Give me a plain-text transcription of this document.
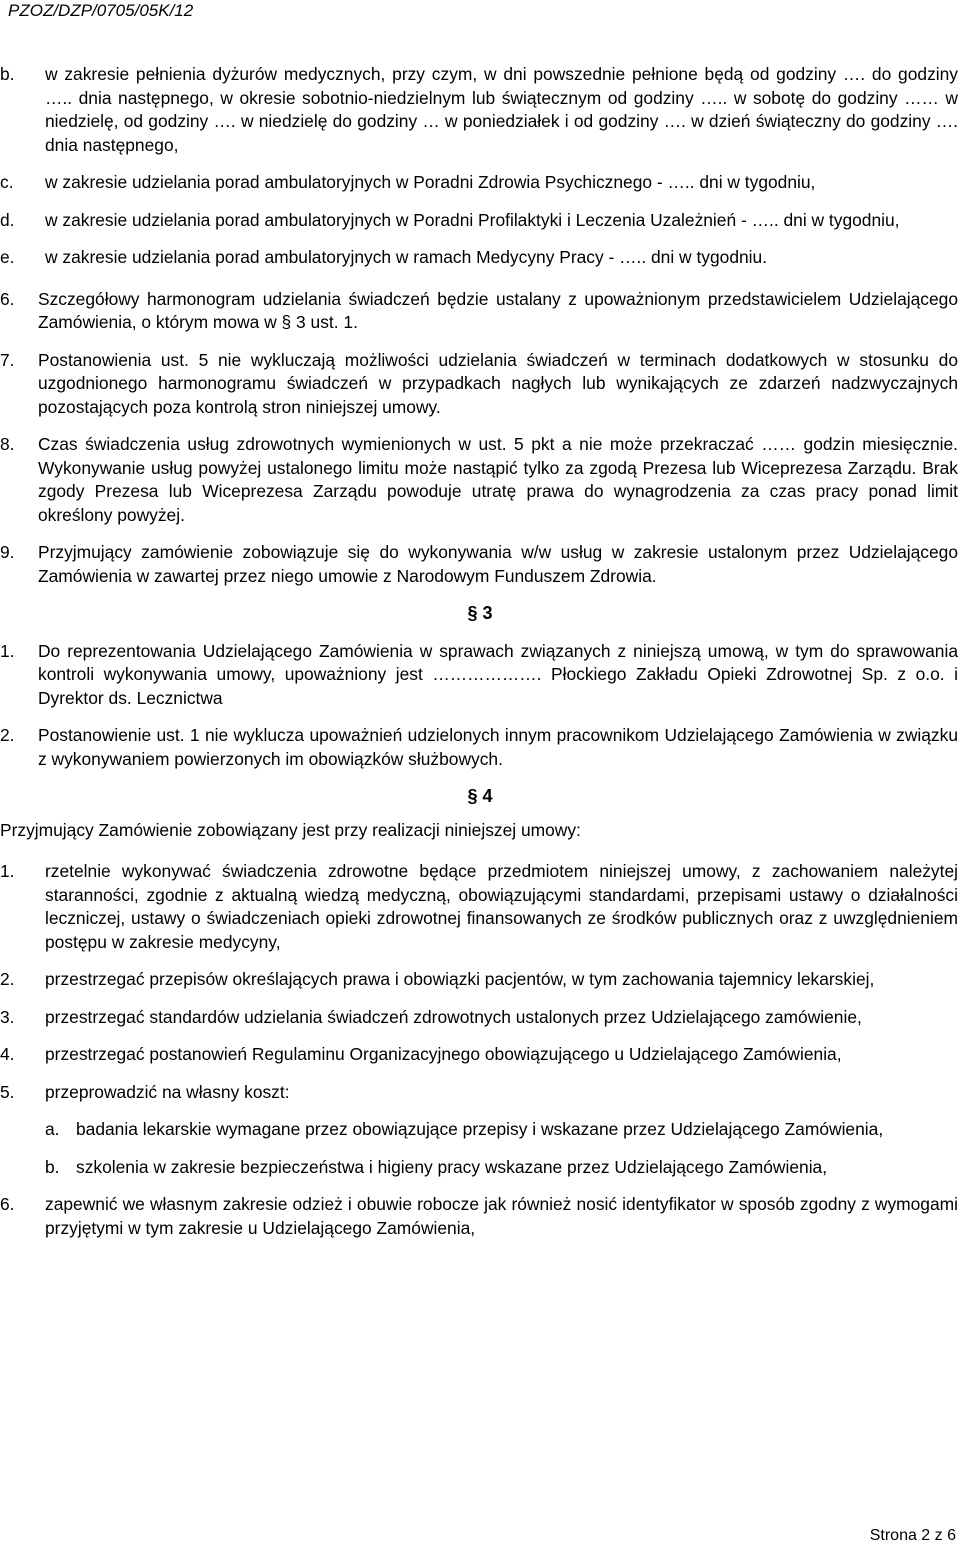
PZOZ/DZP/0705/05K/12
b. w zakresie pełnienia dyżurów medycznych, przy czym, w dni powszednie pełnione będą od godziny …. do godziny ….. dnia następnego, w okresie sobotnio-niedzielnym lub świątecznym od godziny ….. w sobotę do godziny …… w niedzielę, od godziny …. w niedzielę do godziny … w poniedziałek i od godziny …. w dzień świąteczny do godziny …. dnia następnego,
c. w zakresie udzielania porad ambulatoryjnych w Poradni Zdrowia Psychicznego - ….. dni w tygodniu,
d. w zakresie udzielania porad ambulatoryjnych w Poradni Profilaktyki i Leczenia Uzależnień - ….. dni w tygodniu,
e. w zakresie udzielania porad ambulatoryjnych w ramach Medycyny Pracy - ….. dni w tygodniu.
6. Szczegółowy harmonogram udzielania świadczeń będzie ustalany z upoważnionym przedstawicielem Udzielającego Zamówienia, o którym mowa w § 3 ust. 1.
7. Postanowienia ust. 5 nie wykluczają możliwości udzielania świadczeń w terminach dodatkowych w stosunku do uzgodnionego harmonogramu świadczeń w przypadkach nagłych lub wynikających ze zdarzeń nadzwyczajnych pozostających poza kontrolą stron niniejszej umowy.
8. Czas świadczenia usług zdrowotnych wymienionych w ust. 5 pkt a nie może przekraczać …… godzin miesięcznie. Wykonywanie usług powyżej ustalonego limitu może nastąpić tylko za zgodą Prezesa lub Wiceprezesa Zarządu. Brak zgody Prezesa lub Wiceprezesa Zarządu powoduje utratę prawa do wynagrodzenia za czas pracy ponad limit określony powyżej.
9. Przyjmujący zamówienie zobowiązuje się do wykonywania w/w usług w zakresie ustalonym przez Udzielającego Zamówienia w zawartej przez niego umowie z Narodowym Funduszem Zdrowia.
§ 3
1. Do reprezentowania Udzielającego Zamówienia w sprawach związanych z niniejszą umową, w tym do sprawowania kontroli wykonywania umowy, upoważniony jest ………………. Płockiego Zakładu Opieki Zdrowotnej Sp. z o.o. i Dyrektor ds. Lecznictwa
2. Postanowienie ust. 1 nie wyklucza upoważnień udzielonych innym pracownikom Udzielającego Zamówienia w związku z wykonywaniem powierzonych im obowiązków służbowych.
§ 4
Przyjmujący Zamówienie zobowiązany jest przy realizacji niniejszej umowy:
1. rzetelnie wykonywać świadczenia zdrowotne będące przedmiotem niniejszej umowy, z zachowaniem należytej staranności, zgodnie z aktualną wiedzą medyczną, obowiązującymi standardami, przepisami ustawy o działalności leczniczej, ustawy o świadczeniach opieki zdrowotnej finansowanych ze środków publicznych oraz z uwzględnieniem postępu w zakresie medycyny,
2. przestrzegać przepisów określających prawa i obowiązki pacjentów, w tym zachowania tajemnicy lekarskiej,
3. przestrzegać standardów udzielania świadczeń zdrowotnych ustalonych przez Udzielającego zamówienie,
4. przestrzegać postanowień Regulaminu Organizacyjnego obowiązującego u Udzielającego Zamówienia,
5. przeprowadzić na własny koszt:
a. badania lekarskie wymagane przez obowiązujące przepisy i wskazane przez Udzielającego Zamówienia,
b. szkolenia w zakresie bezpieczeństwa i higieny pracy wskazane przez Udzielającego Zamówienia,
6. zapewnić we własnym zakresie odzież i obuwie robocze jak również nosić identyfikator w sposób zgodny z wymogami przyjętymi w tym zakresie u Udzielającego Zamówienia,
Strona 2 z 6
